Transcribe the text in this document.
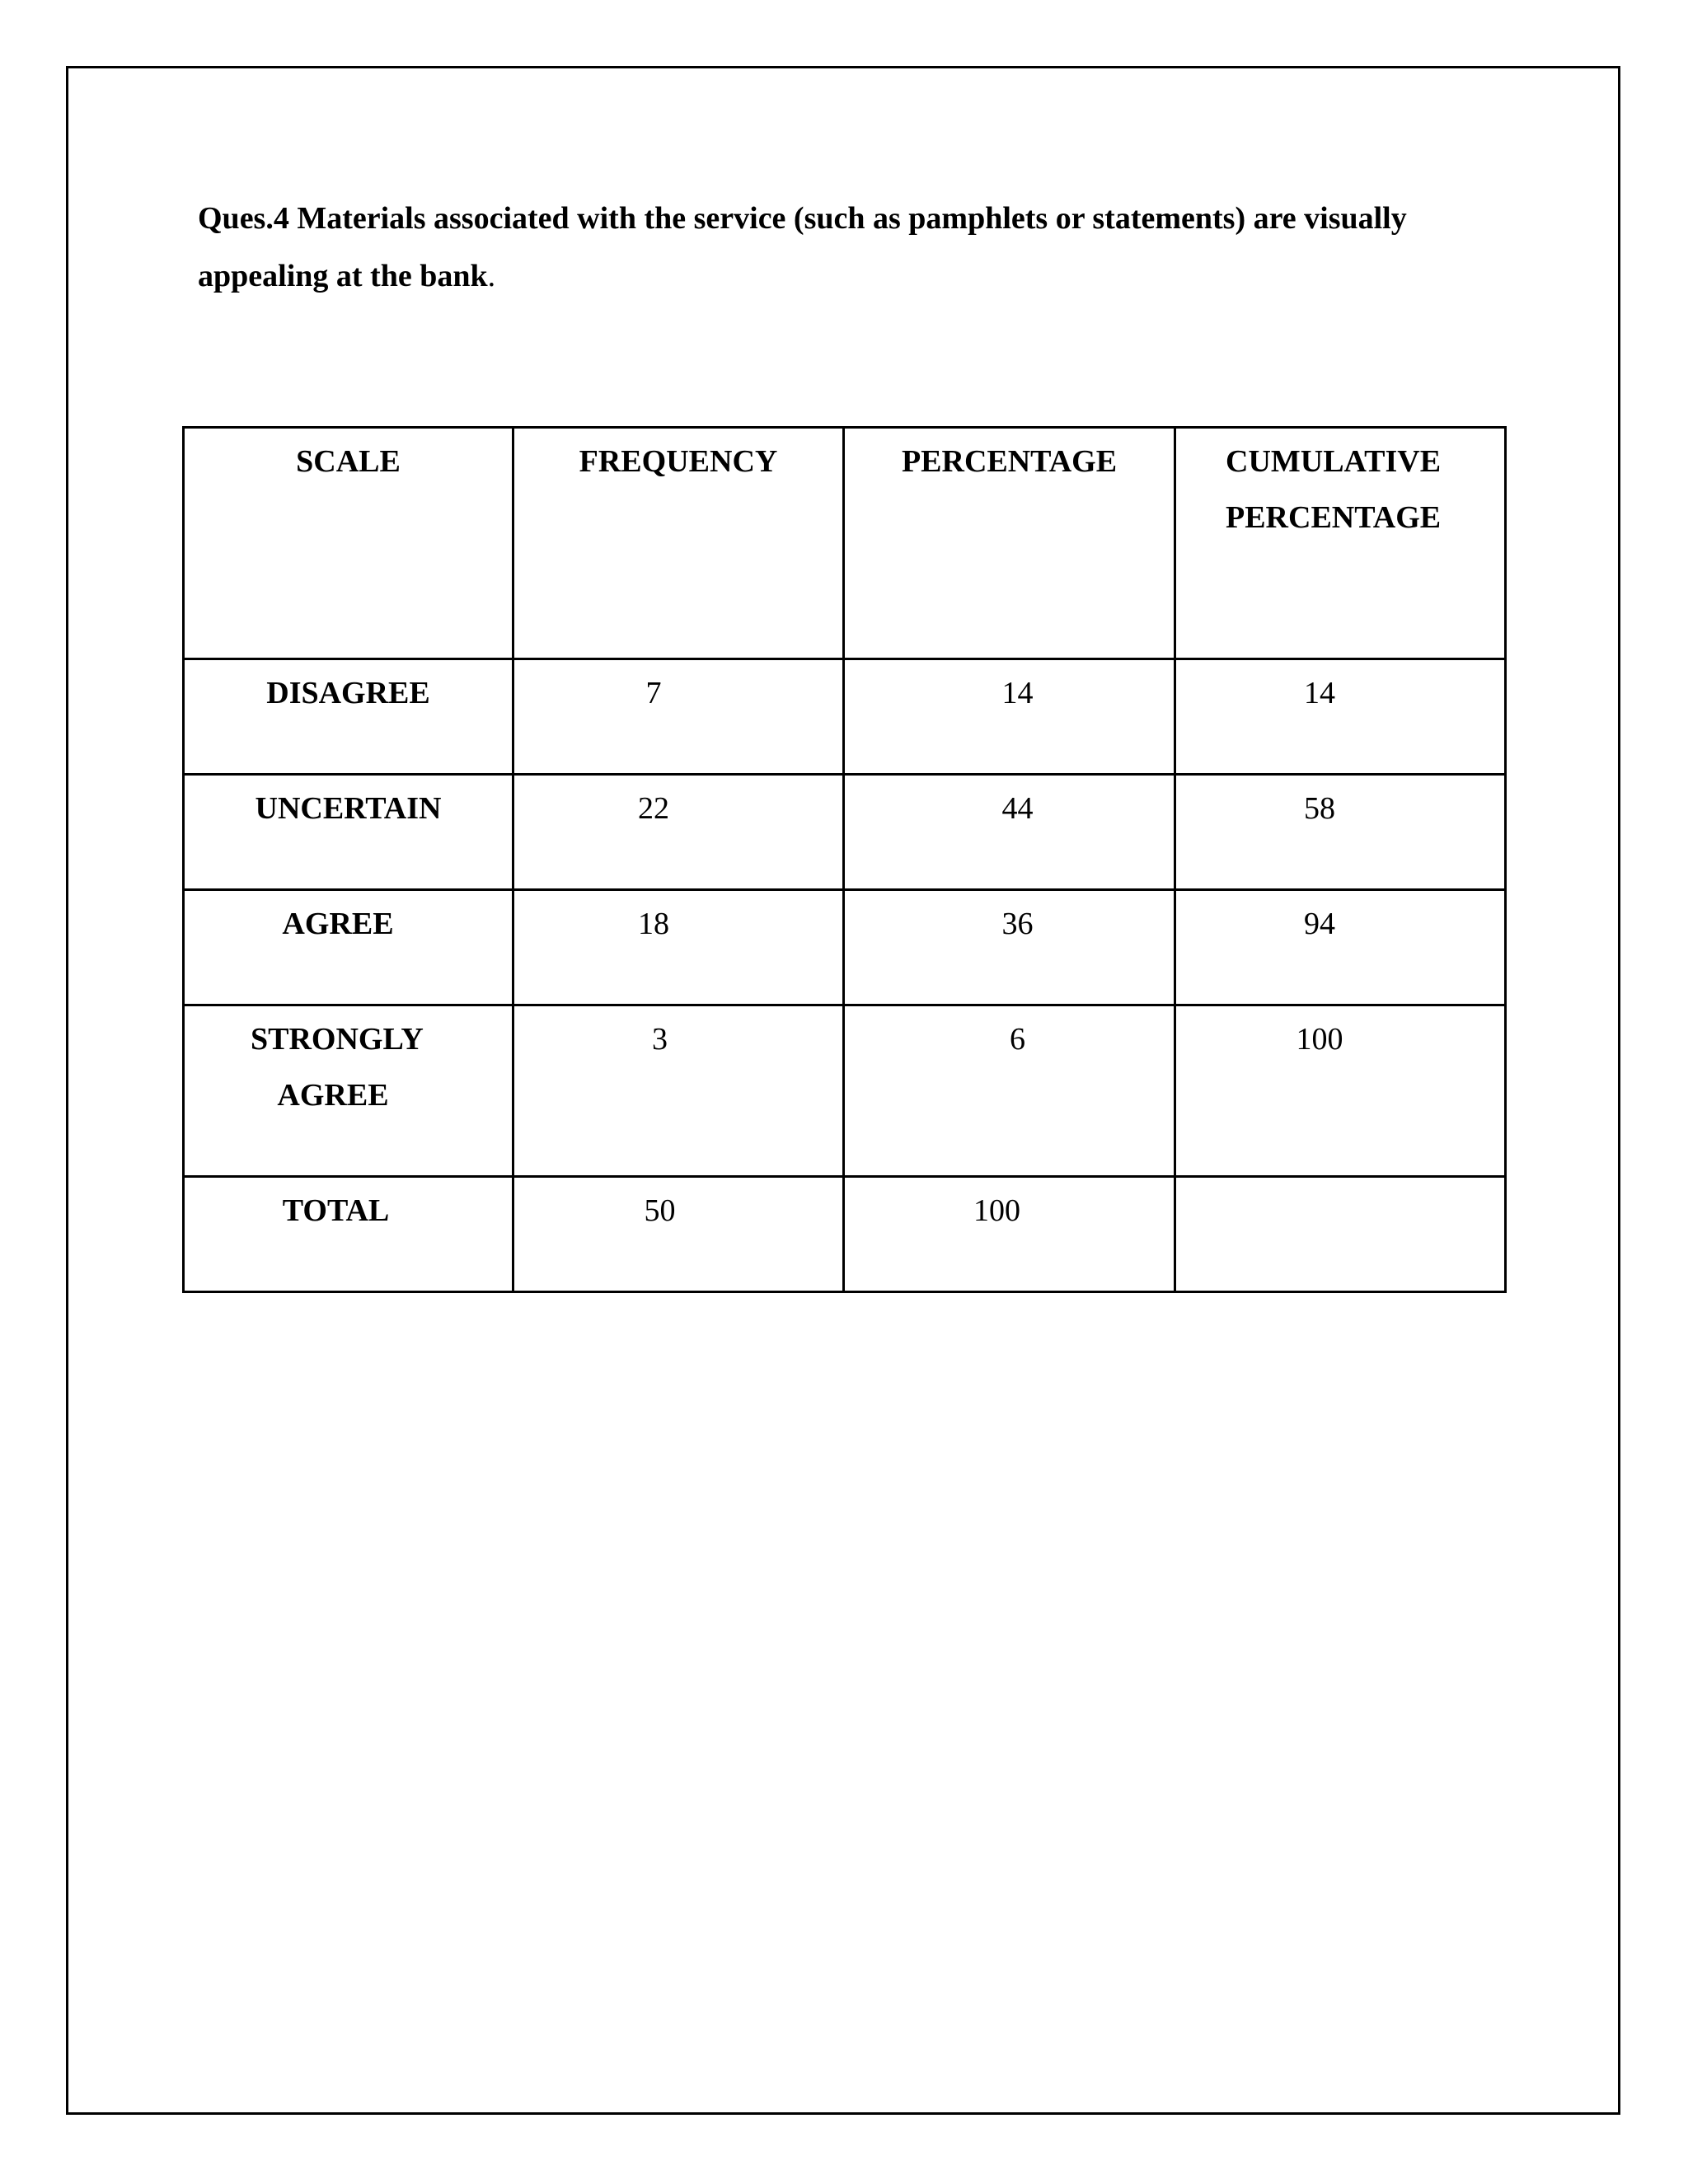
Ques.4 Materials associated with the service (such as pamphlets or statements) are visually appealing at the bank.

SCALE	FREQUENCY	PERCENTAGE	CUMULATIVE PERCENTAGE

DISAGREE	7	14	14

UNCERTAIN	22	44	58

AGREE	18	36	94

STRONGLY AGREE	3	6	100

TOTAL	50	100	
